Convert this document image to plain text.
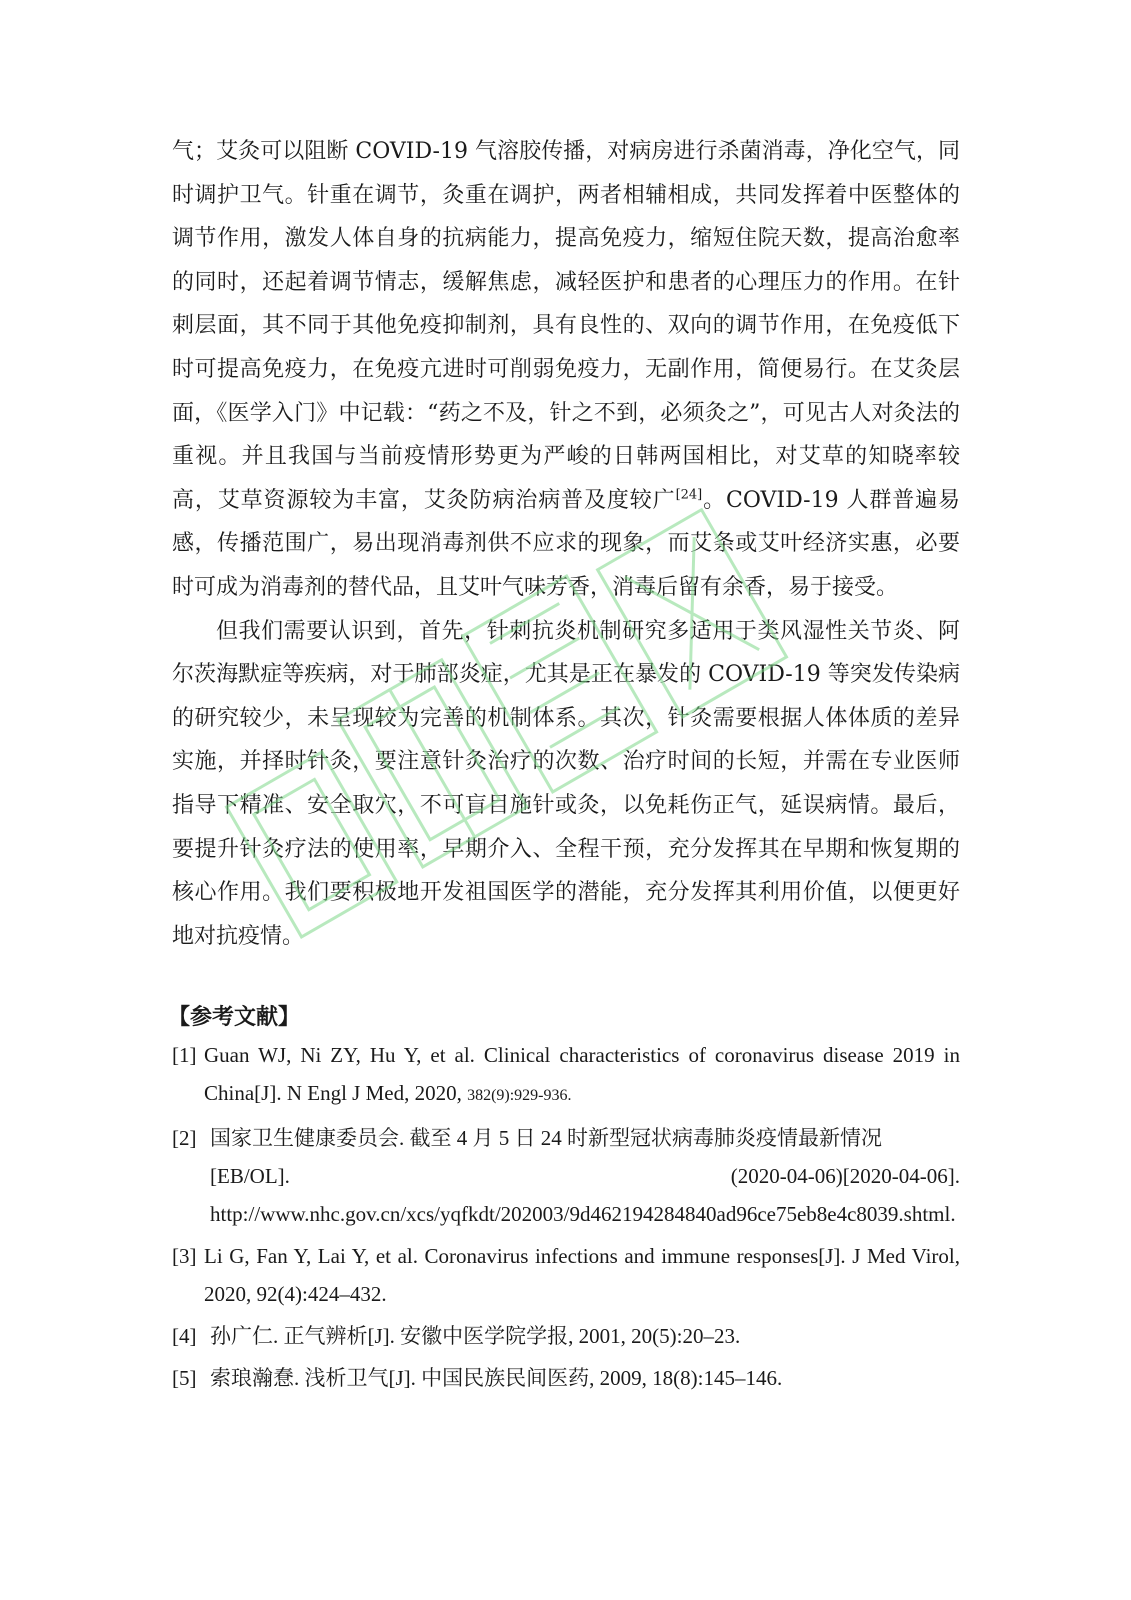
气；艾灸可以阻断 COVID-19 气溶胶传播，对病房进行杀菌消毒，净化空气，同时调护卫气。针重在调节，灸重在调护，两者相辅相成，共同发挥着中医整体的调节作用，激发人体自身的抗病能力，提高免疫力，缩短住院天数，提高治愈率的同时，还起着调节情志，缓解焦虑，减轻医护和患者的心理压力的作用。在针刺层面，其不同于其他免疫抑制剂，具有良性的、双向的调节作用，在免疫低下时可提高免疫力，在免疫亢进时可削弱免疫力，无副作用，简便易行。在艾灸层面，《医学入门》中记载：“药之不及，针之不到，必须灸之”，可见古人对灸法的重视。并且我国与当前疫情形势更为严峻的日韩两国相比，对艾草的知晓率较高，艾草资源较为丰富，艾灸防病治病普及度较广[24]。COVID-19 人群普遍易感，传播范围广，易出现消毒剂供不应求的现象，而艾条或艾叶经济实惠，必要时可成为消毒剂的替代品，且艾叶气味芳香，消毒后留有余香，易于接受。

但我们需要认识到，首先，针刺抗炎机制研究多适用于类风湿性关节炎、阿尔茨海默症等疾病，对于肺部炎症，尤其是正在暴发的 COVID-19 等突发传染病的研究较少，未呈现较为完善的机制体系。其次，针灸需要根据人体体质的差异实施，并择时针灸，要注意针灸治疗的次数、治疗时间的长短，并需在专业医师指导下精准、安全取穴，不可盲目施针或灸，以免耗伤正气，延误病情。最后，要提升针灸疗法的使用率，早期介入、全程干预，充分发挥其在早期和恢复期的核心作用。我们要积极地开发祖国医学的潜能，充分发挥其利用价值，以便更好地对抗疫情。

【参考文献】
[1] Guan WJ, Ni ZY, Hu Y, et al. Clinical characteristics of coronavirus disease 2019 in China[J]. N Engl J Med, 2020, 382(9):929-936.
[2] 国家卫生健康委员会. 截至 4 月 5 日 24 时新型冠状病毒肺炎疫情最新情况
[EB/OL].	(2020-04-06)[2020-04-06].
http://www.nhc.gov.cn/xcs/yqfkdt/202003/9d462194284840ad96ce75eb8e4c8039.shtml.
[3] Li G, Fan Y, Lai Y, et al. Coronavirus infections and immune responses[J]. J Med Virol, 2020, 92(4):424–432.
[4] 孙广仁. 正气辨析[J]. 安徽中医学院学报, 2001, 20(5):20–23.
[5] 索琅瀚惷. 浅析卫气[J]. 中国民族民间医药, 2009, 18(8):145–146.
